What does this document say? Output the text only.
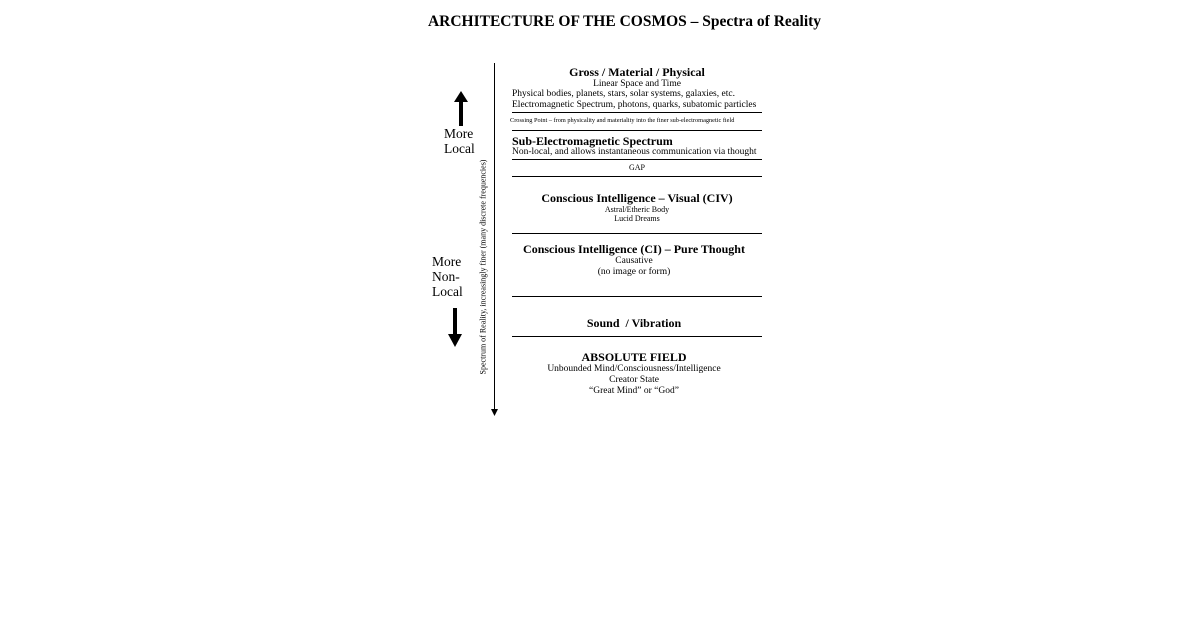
ARCHITECTURE OF THE COSMOS – Spectra of Reality
Spectrum of Reality, increasingly finer (many discrete frequencies)
More
Local
More
Non-
Local
Gross / Material / Physical
Linear Space and Time
Physical bodies, planets, stars, solar systems, galaxies, etc.
Electromagnetic Spectrum, photons, quarks, subatomic particles
Crossing Point – from physicality and materiality into the finer sub-electromagnetic field
Sub-Electromagnetic Spectrum
Non-local, and allows instantaneous communication via thought
GAP
Conscious Intelligence – Visual (CIV)
Astral/Etheric Body
Lucid Dreams
Conscious Intelligence (CI) – Pure Thought
Causative
(no image or form)
Sound  / Vibration
ABSOLUTE FIELD
Unbounded Mind/Consciousness/Intelligence
Creator State
“Great Mind” or “God”
